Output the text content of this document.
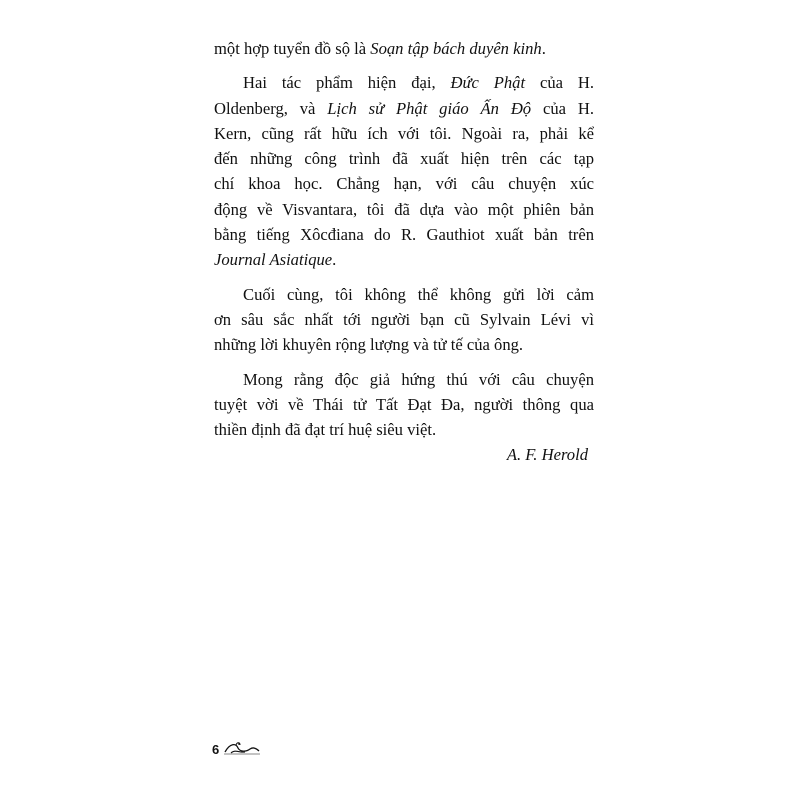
một hợp tuyển đồ sộ là Soạn tập bách duyên kinh.
Hai tác phẩm hiện đại, Đức Phật của H.
Oldenberg, và Lịch sử Phật giáo Ấn Độ của H.
Kern, cũng rất hữu ích với tôi. Ngoài ra, phải kể
đến những công trình đã xuất hiện trên các tạp
chí khoa học. Chẳng hạn, với câu chuyện xúc
động về Visvantara, tôi đã dựa vào một phiên bản
bằng tiếng Xôcđiana do R. Gauthiot xuất bản trên
Journal Asiatique.
Cuối cùng, tôi không thể không gửi lời cảm
ơn sâu sắc nhất tới người bạn cũ Sylvain Lévi vì
những lời khuyên rộng lượng và tử tế của ông.
Mong rằng độc giả hứng thú với câu chuyện
tuyệt vời về Thái tử Tất Đạt Đa, người thông qua
thiền định đã đạt trí huệ siêu việt.
A. F. Herold
6
